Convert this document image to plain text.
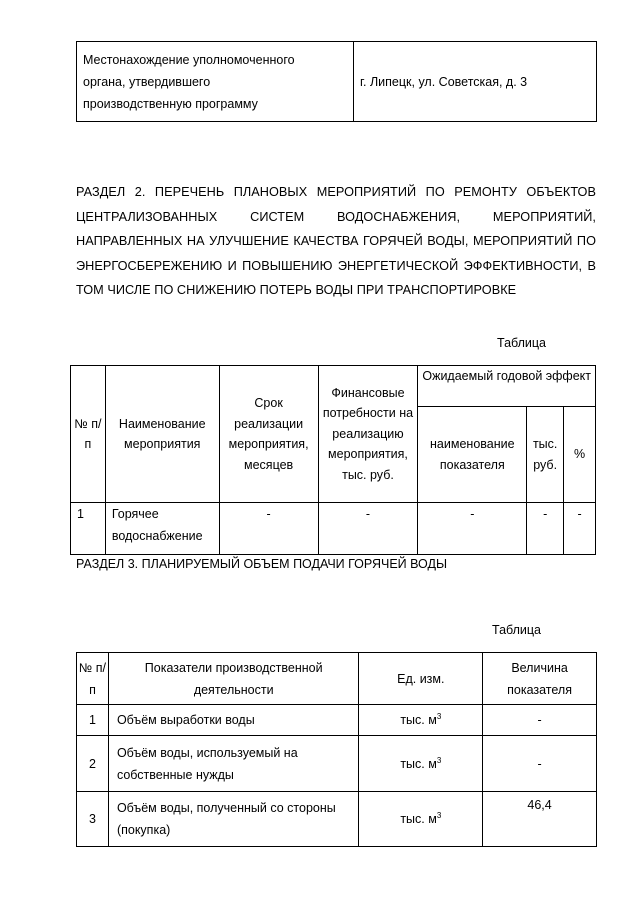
Местонахождение уполномоченного
органа, утвердившего
производственную программу
	г. Липецк, ул. Советская, д. 3
РАЗДЕЛ 2. ПЕРЕЧЕНЬ ПЛАНОВЫХ МЕРОПРИЯТИЙ ПО РЕМОНТУ ОБЪЕКТОВ ЦЕНТРАЛИЗОВАННЫХ СИСТЕМ ВОДОСНАБЖЕНИЯ, МЕРОПРИЯТИЙ, НАПРАВЛЕННЫХ НА УЛУЧШЕНИЕ КАЧЕСТВА ГОРЯЧЕЙ ВОДЫ, МЕРОПРИЯТИЙ ПО ЭНЕРГОСБЕРЕЖЕНИЮ И ПОВЫШЕНИЮ ЭНЕРГЕТИЧЕСКОЙ ЭФФЕКТИВНОСТИ, В ТОМ ЧИСЛЕ ПО СНИЖЕНИЮ ПОТЕРЬ ВОДЫ ПРИ ТРАНСПОРТИРОВКЕ
Таблица
№ п/п	Наименование мероприятия	Срок реализации мероприятия, месяцев	Финансовые потребности на реализацию мероприятия, тыс. руб.	Ожидаемый годовой эффект		
				наименование показателя	тыс. руб.	%
1	Горячее водоснабжение	-	-	-	-	-
РАЗДЕЛ 3. ПЛАНИРУЕМЫЙ ОБЪЕМ ПОДАЧИ ГОРЯЧЕЙ ВОДЫ
Таблица
№ п/п	Показатели производственной деятельности	Ед. изм.	Величина показателя
1	Объём выработки воды	тыс. $м^3$	-
2	Объём воды, используемый на собственные нужды	тыс. $м^3$	-
3	Объём воды, полученный со стороны (покупка)	тыс. $м^3$	46,4
